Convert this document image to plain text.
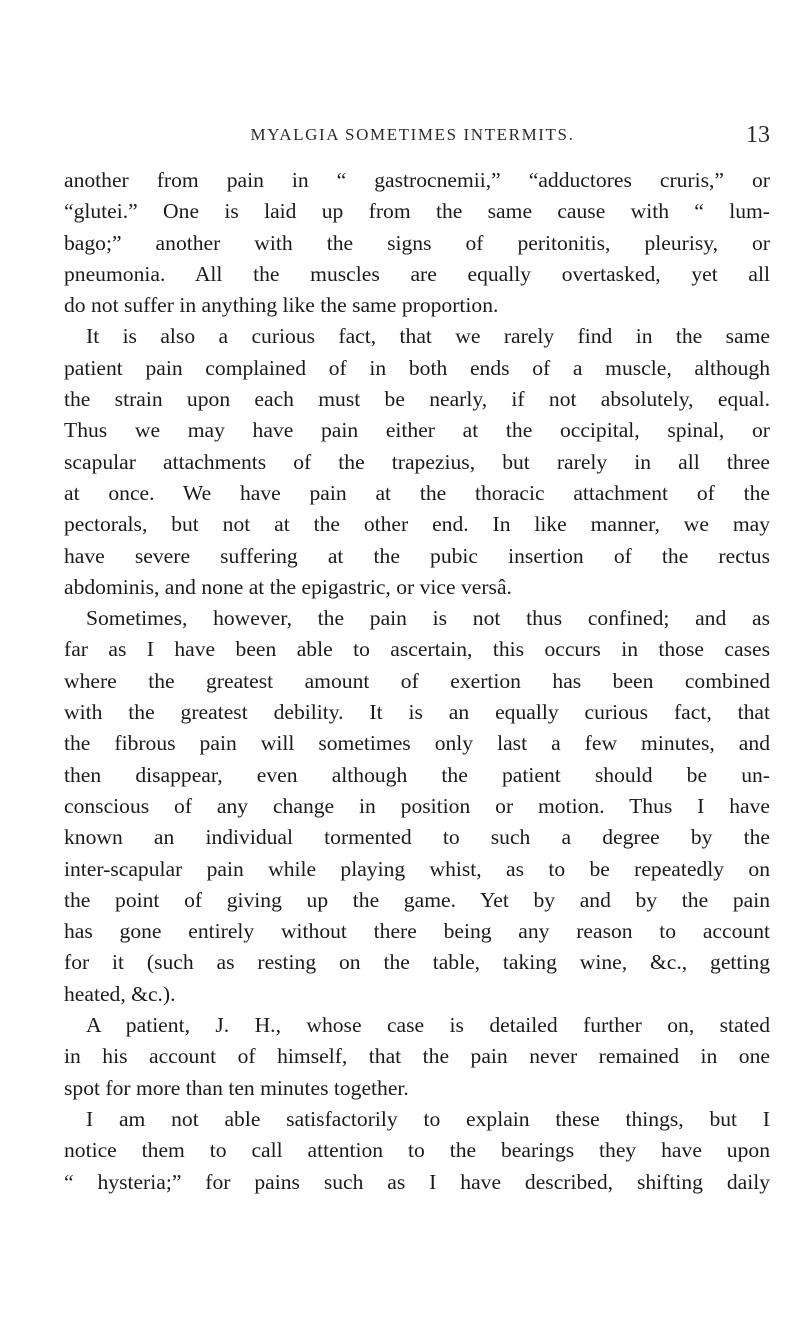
MYALGIA SOMETIMES INTERMITS.	13
another from pain in “ gastrocnemii,” “adductores cruris,” or
“glutei.” One is laid up from the same cause with “ lum-
bago;” another with the signs of peritonitis, pleurisy, or
pneumonia. All the muscles are equally overtasked, yet all
do not suffer in anything like the same proportion.
It is also a curious fact, that we rarely find in the same
patient pain complained of in both ends of a muscle, although
the strain upon each must be nearly, if not absolutely, equal.
Thus we may have pain either at the occipital, spinal, or
scapular attachments of the trapezius, but rarely in all three
at once. We have pain at the thoracic attachment of the
pectorals, but not at the other end. In like manner, we may
have severe suffering at the pubic insertion of the rectus
abdominis, and none at the epigastric, or vice versâ.
Sometimes, however, the pain is not thus confined; and as
far as I have been able to ascertain, this occurs in those cases
where the greatest amount of exertion has been combined
with the greatest debility. It is an equally curious fact, that
the fibrous pain will sometimes only last a few minutes, and
then disappear, even although the patient should be un-
conscious of any change in position or motion. Thus I have
known an individual tormented to such a degree by the
inter-scapular pain while playing whist, as to be repeatedly on
the point of giving up the game. Yet by and by the pain
has gone entirely without there being any reason to account
for it (such as resting on the table, taking wine, &c., getting
heated, &c.).
A patient, J. H., whose case is detailed further on, stated
in his account of himself, that the pain never remained in one
spot for more than ten minutes together.
I am not able satisfactorily to explain these things, but I
notice them to call attention to the bearings they have upon
“ hysteria;” for pains such as I have described, shifting daily
